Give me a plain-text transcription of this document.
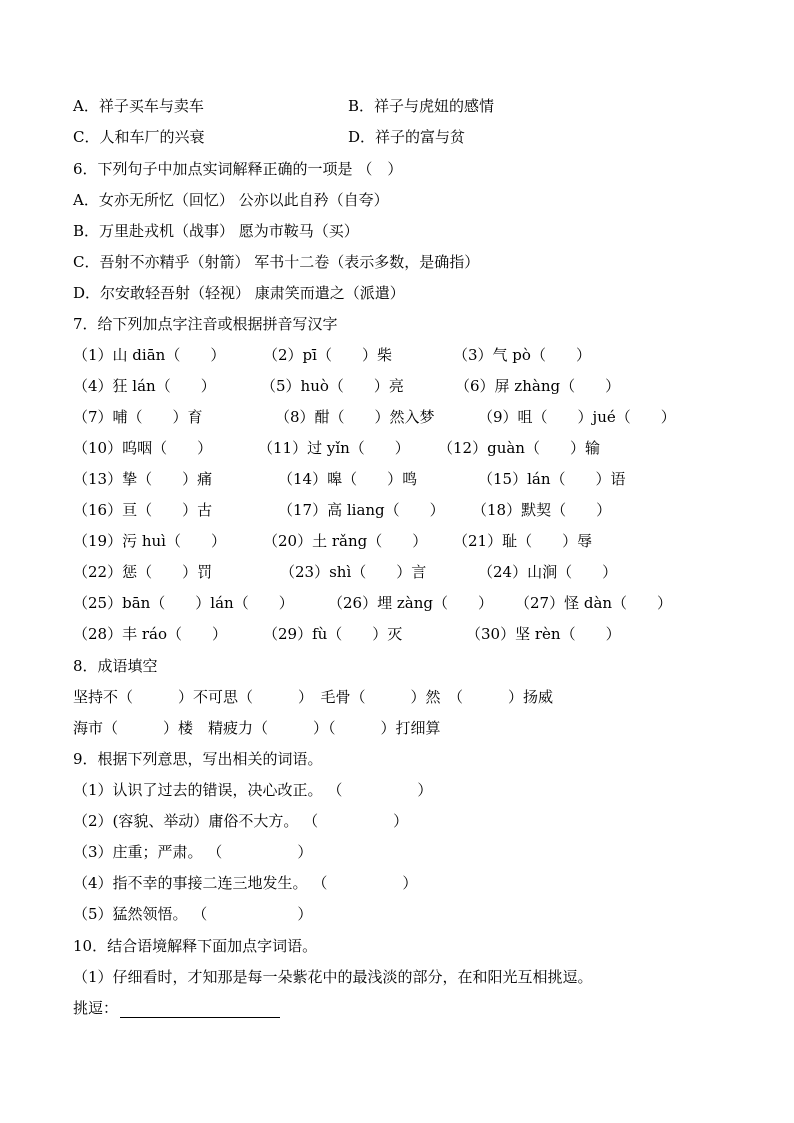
A．祥子买车与卖车	B．祥子与虎妞的感情
C．人和车厂的兴衰	D．祥子的富与贫
6．下列句子中加点实词解释正确的一项是 （　）
A．女亦无所忆（回忆） 公亦以此自矜（自夸）
B．万里赴戎机（战事） 愿为市鞍马（买）
C．吾射不亦精乎（射箭） 军书十二卷（表示多数，是确指）
D．尔安敢轻吾射（轻视） 康肃笑而遣之（派遣）
7．给下列加点字注音或根据拼音写汉字
（1）山 diān（　　）	（2）pī（　　）柴	（3）气 pò（　　）
（4）狂 lán（　　）	（5）huò（　　）亮	（6）屏 zhàng（　　）
（7）哺（　　）育	（8）酣（　　）然入梦	（9）咀（　　）jué（　　）
（10）呜咽（　　）	（11）过 yǐn（　　） （12）guàn（　　）输
（13）挚（　　）痛	（14）嗥（　　）鸣	（15）lán（　　）语
（16）亘（　　）古	（17）高 liang（　　） （18）默契（　　）
（19）污 huì（　　） （20）土 rǎng（　　） （21）耻（　　）辱
（22）惩（　　）罚	（23）shì（　　）言	（24）山涧（　　）
（25）bān（　　）lán（　　） （26）埋 zàng（　　） （27）怪 dàn（　　）
（28）丰 ráo（　　） （29）fù（　　）灭	（30）坚 rèn（　　）
8．成语填空
坚持不（　　　）不可思（　　　）　毛骨（　　　）然　（　　　）扬威
海市（　　　）楼　精疲力（　　　）（　　　）打细算
9．根据下列意思，写出相关的词语。
（1）认识了过去的错误，决心改正。 （　　　　　）
（2）(容貌、举动）庸俗不大方。 （　　　　　）
（3）庄重；严肃。 （　　　　　）
（4）指不幸的事接二连三地发生。 （　　　　　）
（5）猛然领悟。 （　　　　　　）
10．结合语境解释下面加点字词语。
（1）仔细看时，才知那是每一朵紫花中的最浅淡的部分，在和阳光互相挑逗。
挑逗：
